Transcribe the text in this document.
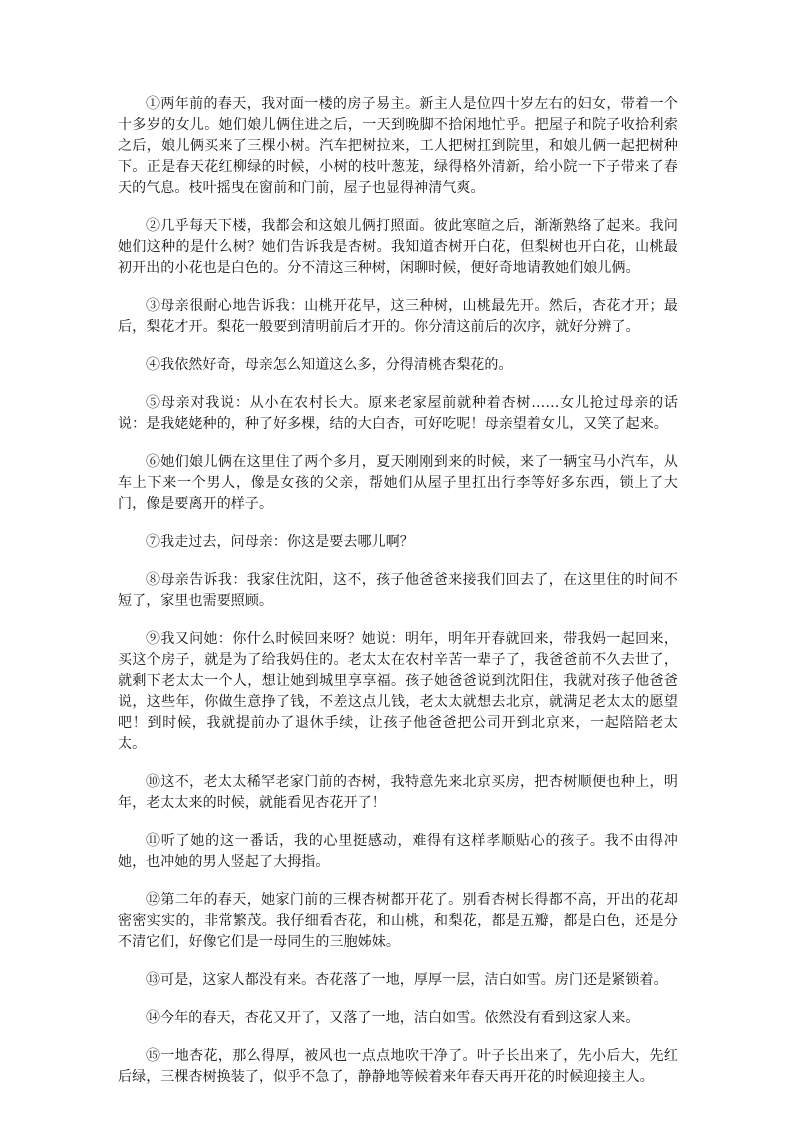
①两年前的春天，我对面一楼的房子易主。新主人是位四十岁左右的妇女，带着一个十多岁的女儿。她们娘儿俩住进之后，一天到晚脚不拾闲地忙乎。把屋子和院子收拾利索之后，娘儿俩买来了三棵小树。汽车把树拉来，工人把树扛到院里，和娘儿俩一起把树种下。正是春天花红柳绿的时候，小树的枝叶葱茏，绿得格外清新，给小院一下子带来了春天的气息。枝叶摇曳在窗前和门前，屋子也显得神清气爽。

②几乎每天下楼，我都会和这娘儿俩打照面。彼此寒暄之后，渐渐熟络了起来。我问她们这种的是什么树？她们告诉我是杏树。我知道杏树开白花，但梨树也开白花，山桃最初开出的小花也是白色的。分不清这三种树，闲聊时候，便好奇地请教她们娘儿俩。

③母亲很耐心地告诉我：山桃开花早，这三种树，山桃最先开。然后，杏花才开；最后，梨花才开。梨花一般要到清明前后才开的。你分清这前后的次序，就好分辨了。

④我依然好奇，母亲怎么知道这么多，分得清桃杏梨花的。

⑤母亲对我说：从小在农村长大。原来老家屋前就种着杏树……女儿抢过母亲的话说：是我姥姥种的，种了好多棵，结的大白杏，可好吃呢！母亲望着女儿，又笑了起来。

⑥她们娘儿俩在这里住了两个多月，夏天刚刚到来的时候，来了一辆宝马小汽车，从车上下来一个男人，像是女孩的父亲，帮她们从屋子里扛出行李等好多东西，锁上了大门，像是要离开的样子。

⑦我走过去，问母亲：你这是要去哪儿啊？

⑧母亲告诉我：我家住沈阳，这不，孩子他爸爸来接我们回去了，在这里住的时间不短了，家里也需要照顾。

⑨我又问她：你什么时候回来呀？她说：明年，明年开春就回来，带我妈一起回来，买这个房子，就是为了给我妈住的。老太太在农村辛苦一辈子了，我爸爸前不久去世了，就剩下老太太一个人，想让她到城里享享福。孩子她爸爸说到沈阳住，我就对孩子他爸爸说，这些年，你做生意挣了钱，不差这点儿钱，老太太就想去北京，就满足老太太的愿望吧！到时候，我就提前办了退休手续，让孩子他爸爸把公司开到北京来，一起陪陪老太太。

⑩这不，老太太稀罕老家门前的杏树，我特意先来北京买房，把杏树顺便也种上，明年，老太太来的时候，就能看见杏花开了！

⑪听了她的这一番话，我的心里挺感动，难得有这样孝顺贴心的孩子。我不由得冲她，也冲她的男人竖起了大拇指。

⑫第二年的春天，她家门前的三棵杏树都开花了。别看杏树长得都不高，开出的花却密密实实的，非常繁茂。我仔细看杏花，和山桃，和梨花，都是五瓣，都是白色，还是分不清它们，好像它们是一母同生的三胞姊妹。

⑬可是，这家人都没有来。杏花落了一地，厚厚一层，洁白如雪。房门还是紧锁着。

⑭今年的春天，杏花又开了，又落了一地，洁白如雪。依然没有看到这家人来。

⑮一地杏花，那么得厚，被风也一点点地吹干净了。叶子长出来了，先小后大，先红后绿，三棵杏树换装了，似乎不急了，静静地等候着来年春天再开花的时候迎接主人。
